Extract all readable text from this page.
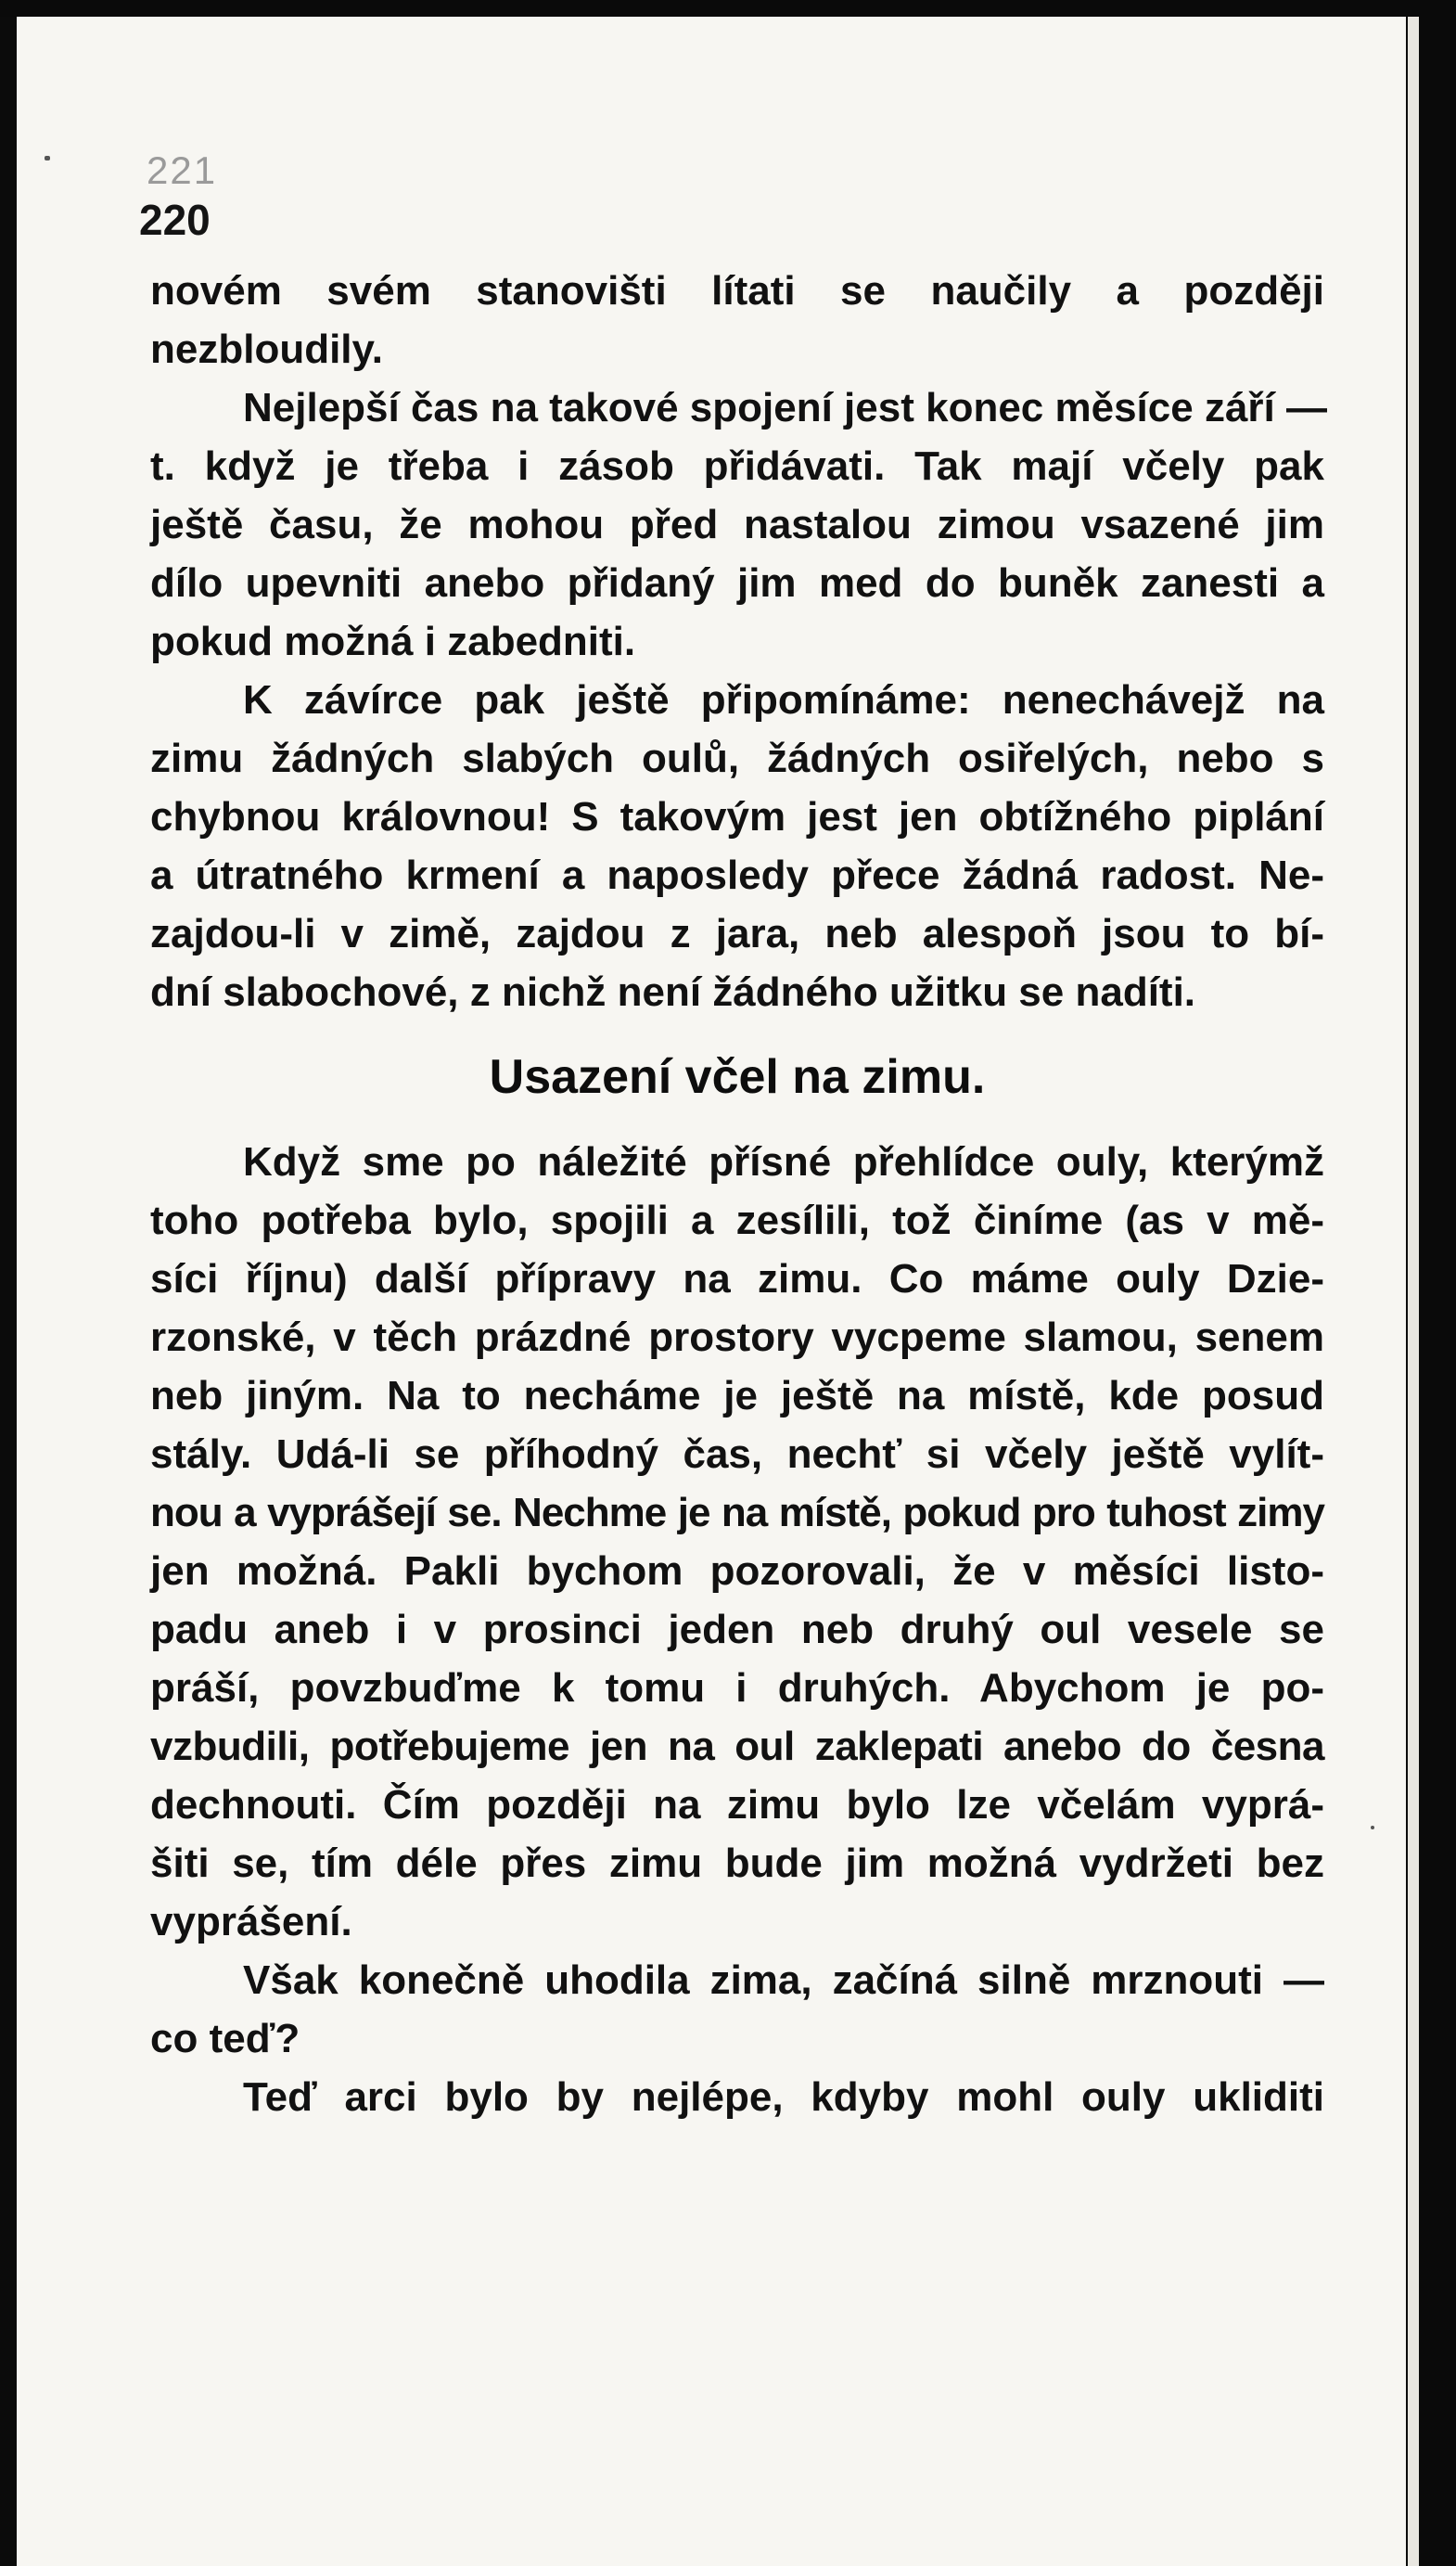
221
220
novém svém stanovišti lítati se naučily a později nezbloudily.
Nejlepší čas na takové spojení jest konec měsíce září —
t. když je třeba i zásob přidávati. Tak mají včely pak
ještě času, že mohou před nastalou zimou vsazené jim
dílo upevniti anebo přidaný jim med do buněk zanesti a
pokud možná i zabedniti.
K závírce pak ještě připomínáme: nenechávejž na
zimu žádných slabých oulů, žádných osiřelých, nebo s
chybnou královnou! S takovým jest jen obtížného piplání
a útratného krmení a naposledy přece žádná radost. Ne-
zajdou-li v zimě, zajdou z jara, neb alespoň jsou to bí-
dní slabochové, z nichž není žádného užitku se nadíti.
Usazení včel na zimu.
Když sme po náležité přísné přehlídce ouly, kterýmž
toho potřeba bylo, spojili a zesílili, tož činíme (as v mě-
síci říjnu) další přípravy na zimu. Co máme ouly Dzie-
rzonské, v těch prázdné prostory vycpeme slamou, senem
neb jiným. Na to necháme je ještě na místě, kde posud
stály. Udá-li se příhodný čas, nechť si včely ještě vylít-
nou a vyprášejí se. Nechme je na místě, pokud pro tuhost zimy
jen možná. Pakli bychom pozorovali, že v měsíci listo-
padu aneb i v prosinci jeden neb druhý oul vesele se
práší, povzbuďme k tomu i druhých. Abychom je po-
vzbudili, potřebujeme jen na oul zaklepati anebo do česna
dechnouti. Čím později na zimu bylo lze včelám vyprá-
šiti se, tím déle přes zimu bude jim možná vydržeti bez
vyprášení.
Však konečně uhodila zima, začíná silně mrznouti —
co teď?
Teď arci bylo by nejlépe, kdyby mohl ouly ukliditi
